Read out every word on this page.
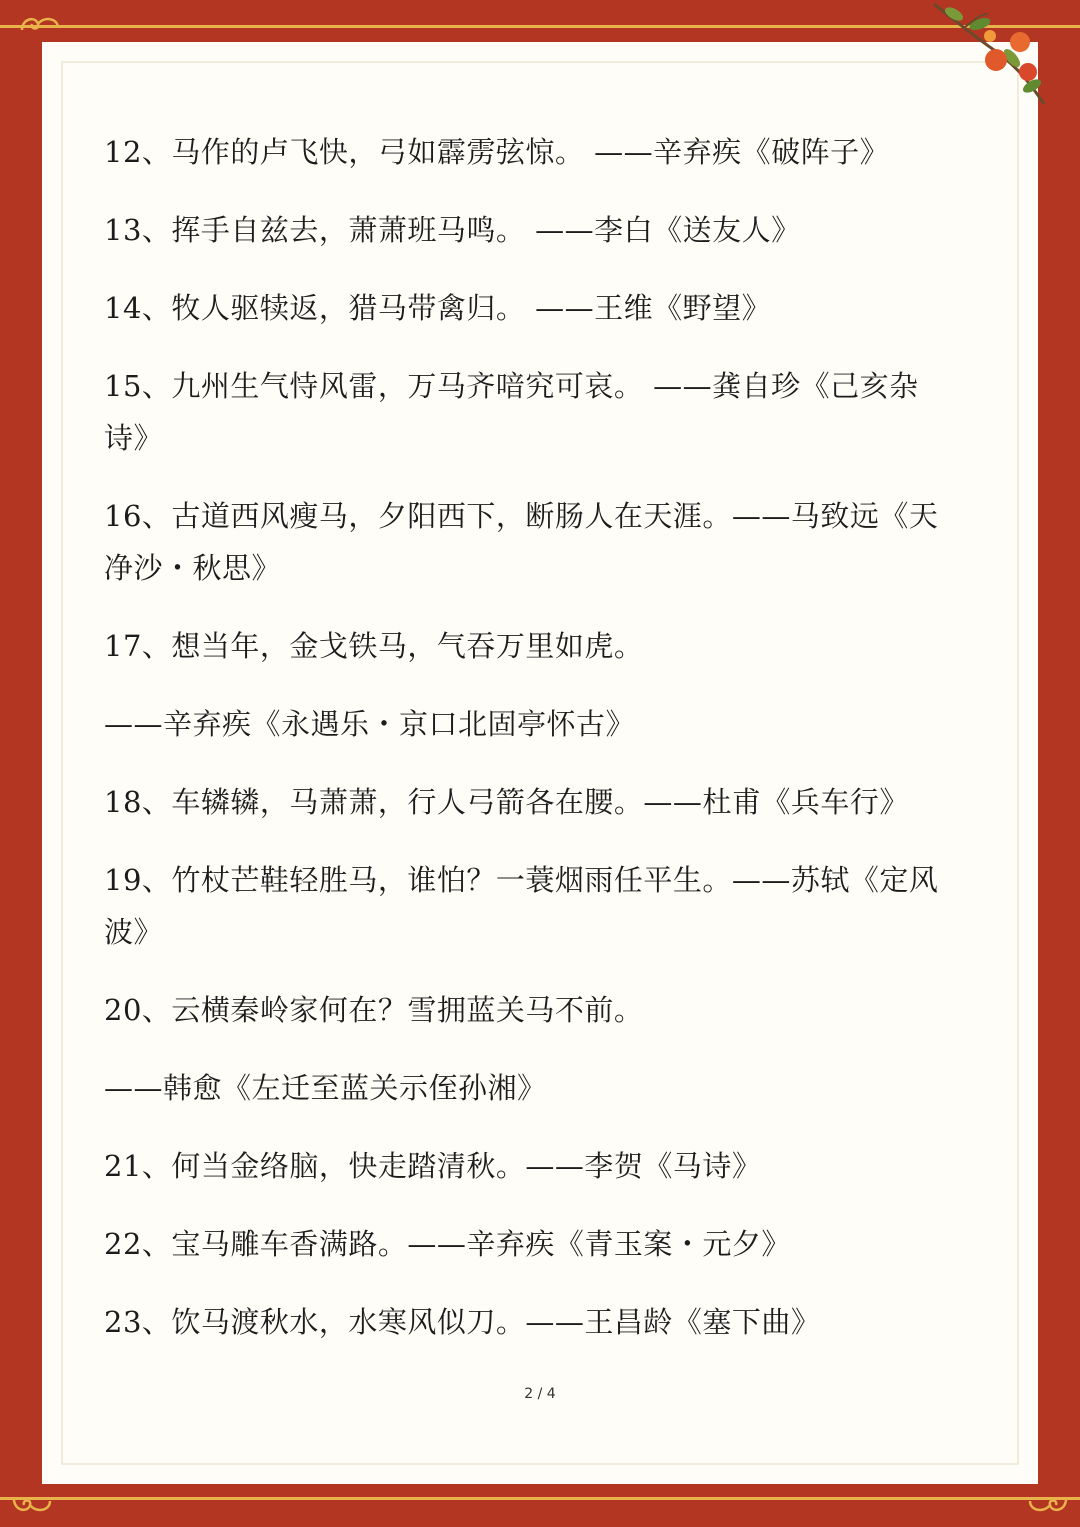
12、马作的卢飞快，弓如霹雳弦惊。 ——辛弃疾《破阵子》
13、挥手自兹去，萧萧班马鸣。 ——李白《送友人》
14、牧人驱犊返，猎马带禽归。 ——王维《野望》
15、九州生气恃风雷，万马齐喑究可哀。 ——龚自珍《己亥杂
诗》
16、古道西风瘦马，夕阳西下，断肠人在天涯。——马致远《天
净沙・秋思》
17、想当年，金戈铁马，气吞万里如虎。
——辛弃疾《永遇乐・京口北固亭怀古》
18、车辚辚，马萧萧，行人弓箭各在腰。——杜甫《兵车行》
19、竹杖芒鞋轻胜马，谁怕？一蓑烟雨任平生。——苏轼《定风
波》
20、云横秦岭家何在？雪拥蓝关马不前。
——韩愈《左迁至蓝关示侄孙湘》
21、何当金络脑，快走踏清秋。——李贺《马诗》
22、宝马雕车香满路。——辛弃疾《青玉案・元夕》
23、饮马渡秋水，水寒风似刀。——王昌龄《塞下曲》
2 / 4
